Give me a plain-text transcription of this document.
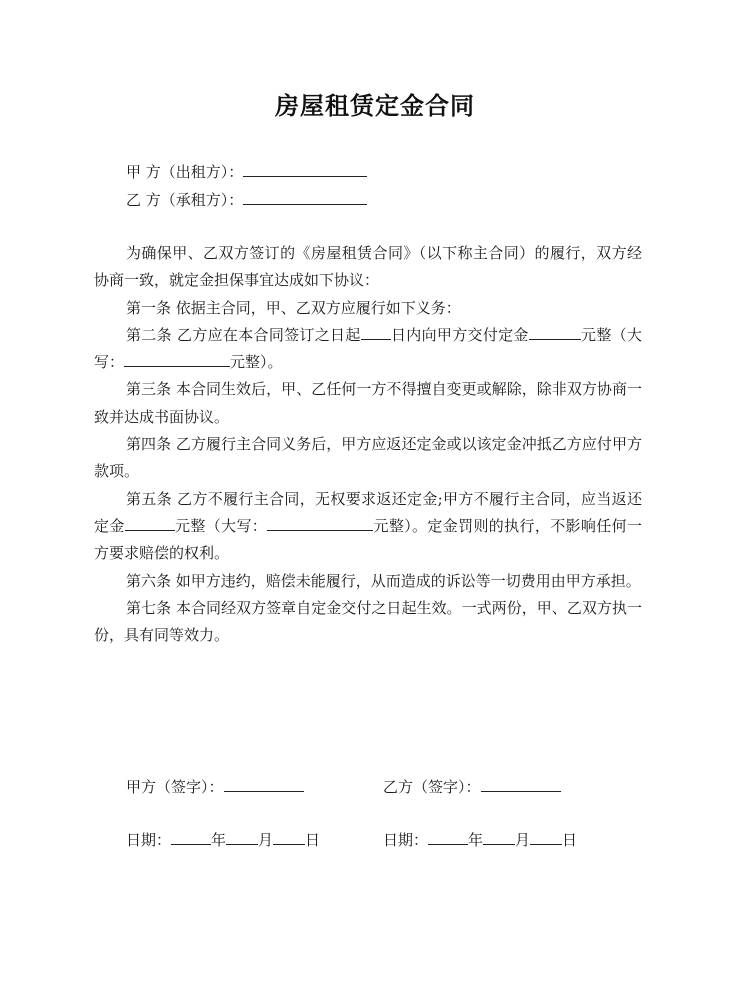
房屋租赁定金合同
甲 方（出租方）：
乙 方（承租方）：

为确保甲、乙双方签订的《房屋租赁合同》（以下称主合同）的履行，双方经协商一致，就定金担保事宜达成如下协议：

第一条 依据主合同，甲、乙双方应履行如下义务：

第二条 乙方应在本合同签订之日起 日内向甲方交付定金	元整（大写：	元整）。

第三条 本合同生效后，甲、乙任何一方不得擅自变更或解除，除非双方协商一致并达成书面协议。

第四条 乙方履行主合同义务后，甲方应返还定金或以该定金冲抵乙方应付甲方款项。

第五条 乙方不履行主合同，无权要求返还定金;甲方不履行主合同，应当返还定金	元整（大写：	元整）。定金罚则的执行，不影响任何一方要求赔偿的权利。

第六条 如甲方违约，赔偿未能履行，从而造成的诉讼等一切费用由甲方承担。

第七条 本合同经双方签章自定金交付之日起生效。一式两份，甲、乙双方执一份，具有同等效力。

甲方（签字）：	乙方（签字）：
日期：	年 月 日	日期：	年 月 日
